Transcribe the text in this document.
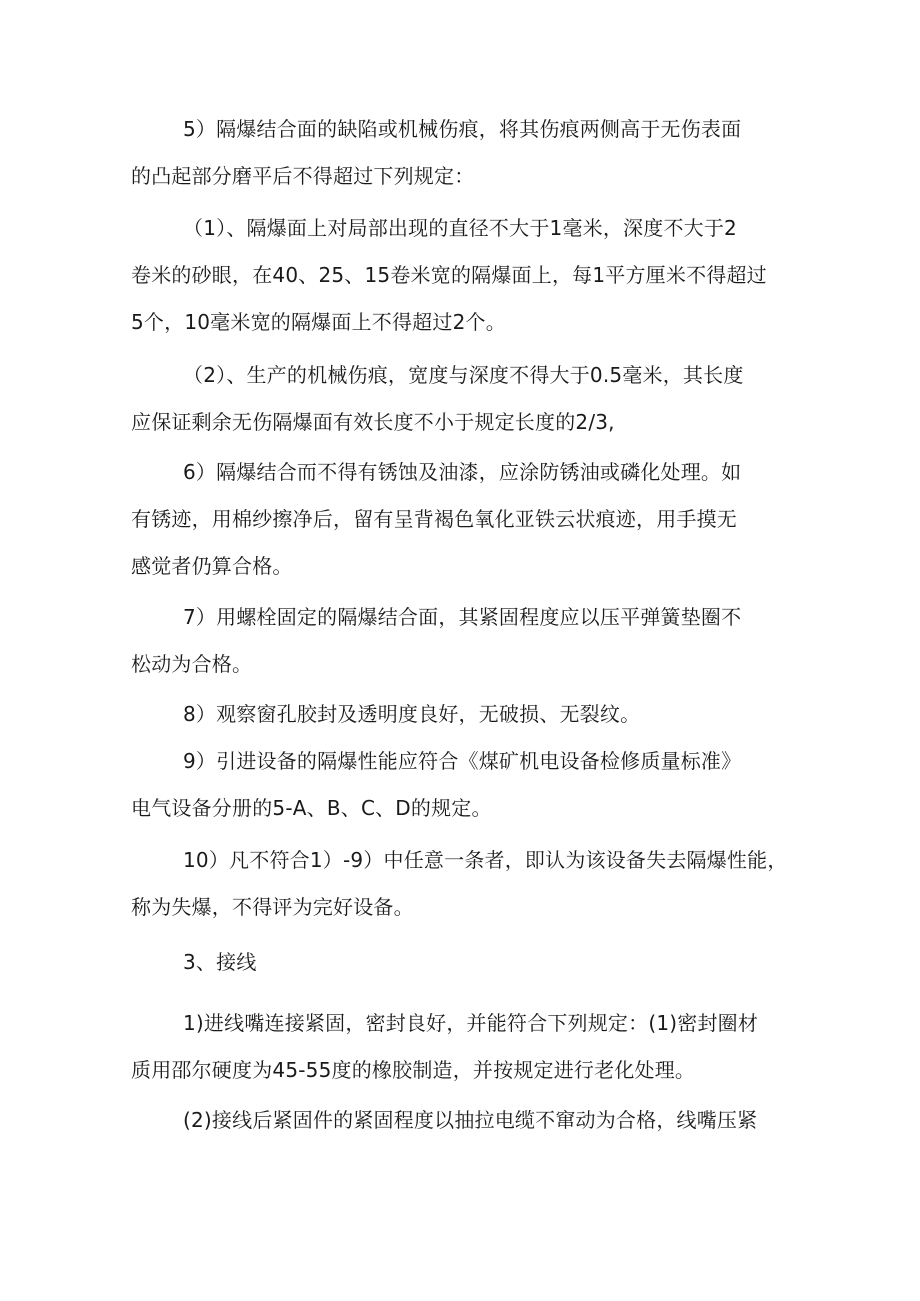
5）隔爆结合面的缺陷或机械伤痕，将其伤痕两侧高于无伤表面
的凸起部分磨平后不得超过下列规定：

（1）、隔爆面上对局部出现的直径不大于1毫米，深度不大于2
卷米的砂眼，在40、25、15卷米宽的隔爆面上，每1平方厘米不得超过
5个，10毫米宽的隔爆面上不得超过2个。

（2）、生产的机械伤痕，宽度与深度不得大于0.5毫米，其长度
应保证剩余无伤隔爆面有效长度不小于规定长度的2/3,

6）隔爆结合而不得有锈蚀及油漆，应涂防锈油或磷化处理。如
有锈迹，用棉纱擦净后，留有呈背褐色氧化亚铁云状痕迹，用手摸无
感觉者仍算合格。

7）用螺栓固定的隔爆结合面，其紧固程度应以压平弹簧垫圈不
松动为合格。

8）观察窗孔胶封及透明度良好，无破损、无裂纹。

9）引进设备的隔爆性能应符合《煤矿机电设备检修质量标准》
电气设备分册的5-A、B、C、D的规定。

10）凡不符合1）-9）中任意一条者，即认为该设备失去隔爆性能，
称为失爆，不得评为完好设备。

3、接线

1)进线嘴连接紧固，密封良好，并能符合下列规定：(1)密封圈材
质用邵尔硬度为45-55度的橡胶制造，并按规定进行老化处理。

(2)接线后紧固件的紧固程度以抽拉电缆不窜动为合格，线嘴压紧
